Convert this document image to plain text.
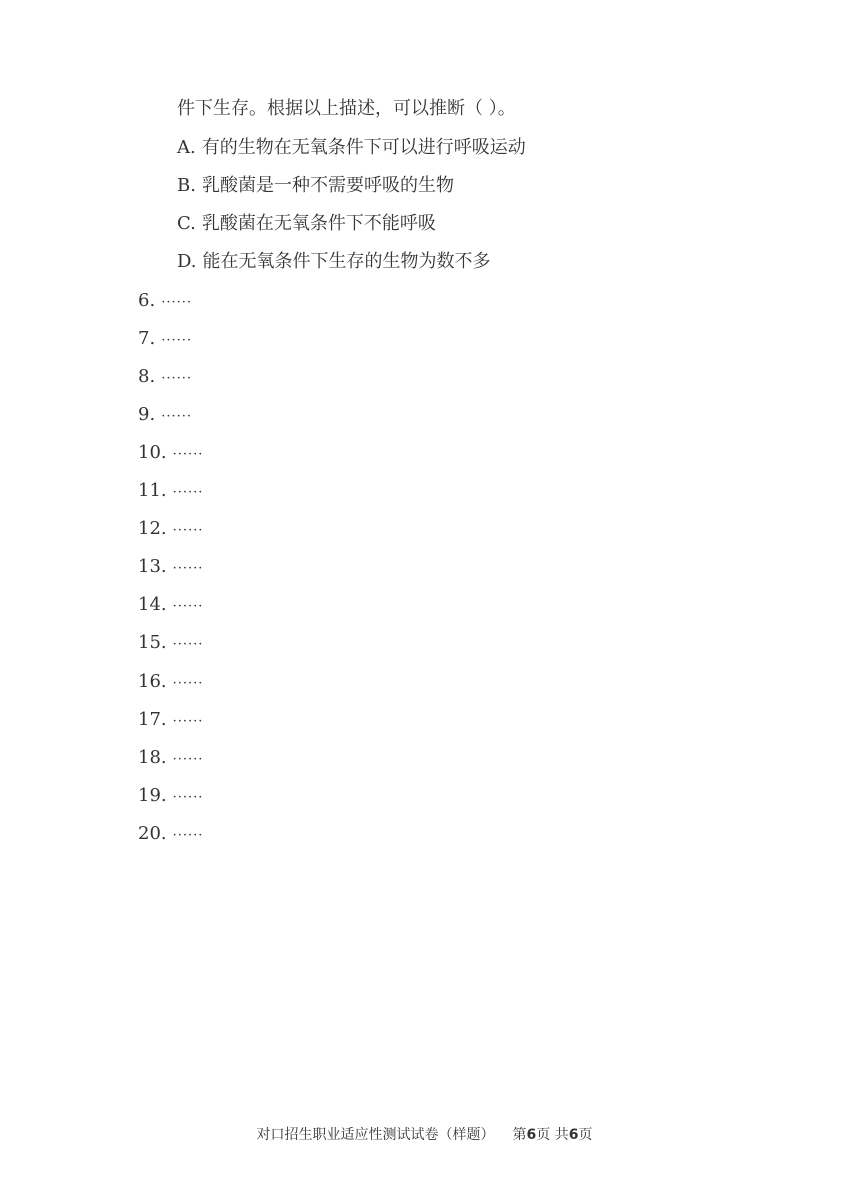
件下生存。根据以上描述，可以推断（ ）。
A. 有的生物在无氧条件下可以进行呼吸运动
B. 乳酸菌是一种不需要呼吸的生物
C. 乳酸菌在无氧条件下不能呼吸
D. 能在无氧条件下生存的生物为数不多
6. ······
7. ······
8. ······
9. ······
10. ······
11. ······
12. ······
13. ······
14. ······
15. ······
16. ······
17. ······
18. ······
19. ······
20. ······
对口招生职业适应性测试试卷（样题） 第6页 共6页
